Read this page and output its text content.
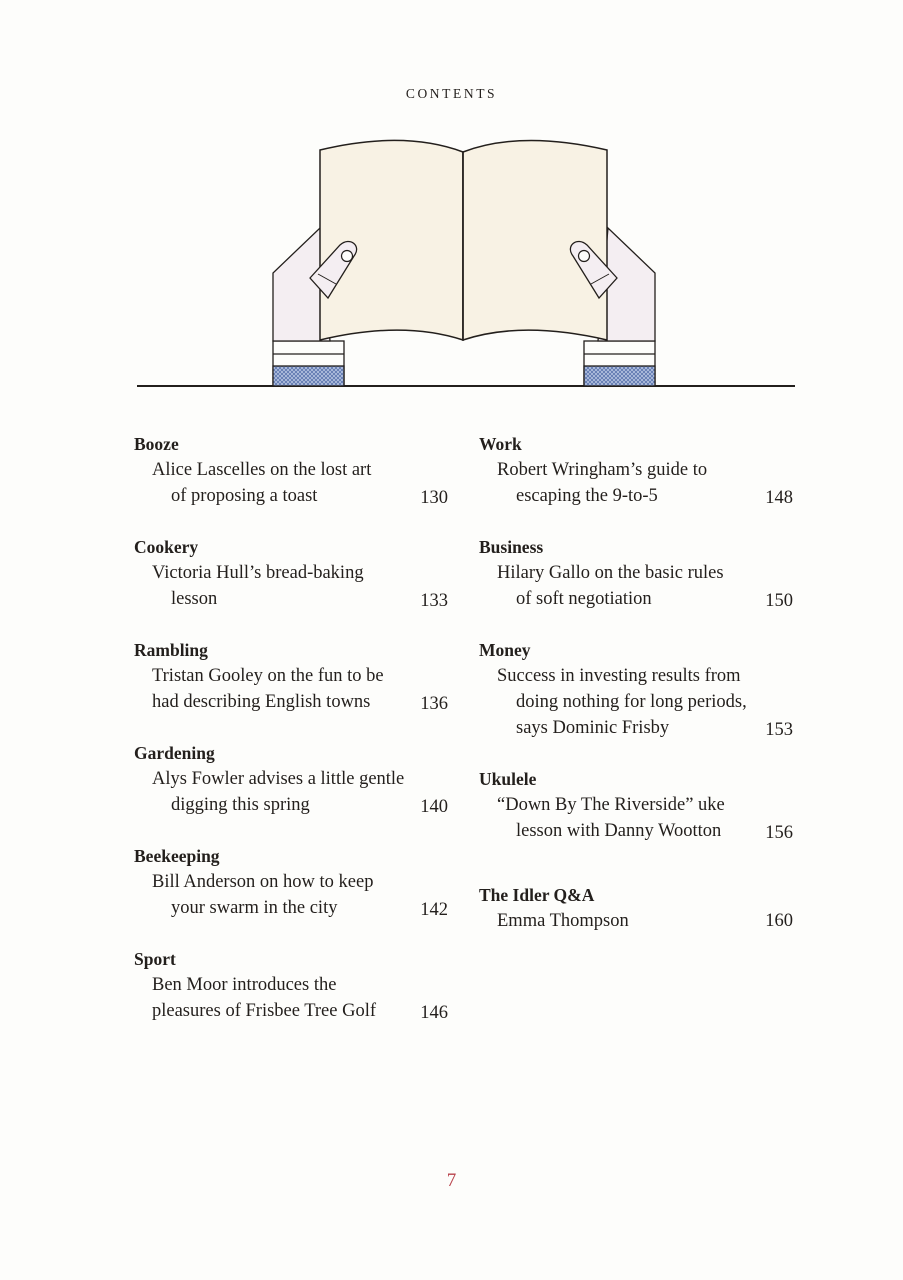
CONTENTS
Booze
Alice Lascelles on the lost art
of proposing a toast	130
Cookery
Victoria Hull’s bread-baking
lesson	133
Rambling
Tristan Gooley on the fun to be
had describing English towns	136
Gardening
Alys Fowler advises a little gentle
digging this spring	140
Beekeeping
Bill Anderson on how to keep
your swarm in the city	142
Sport
Ben Moor introduces the
pleasures of Frisbee Tree Golf	146
Work
Robert Wringham’s guide to
escaping the 9-to-5	148
Business
Hilary Gallo on the basic rules
of soft negotiation	150
Money
Success in investing results from
doing nothing for long periods,
says Dominic Frisby	153
Ukulele
“Down By The Riverside” uke
lesson with Danny Wootton	156
The Idler Q&A
Emma Thompson	160
7
